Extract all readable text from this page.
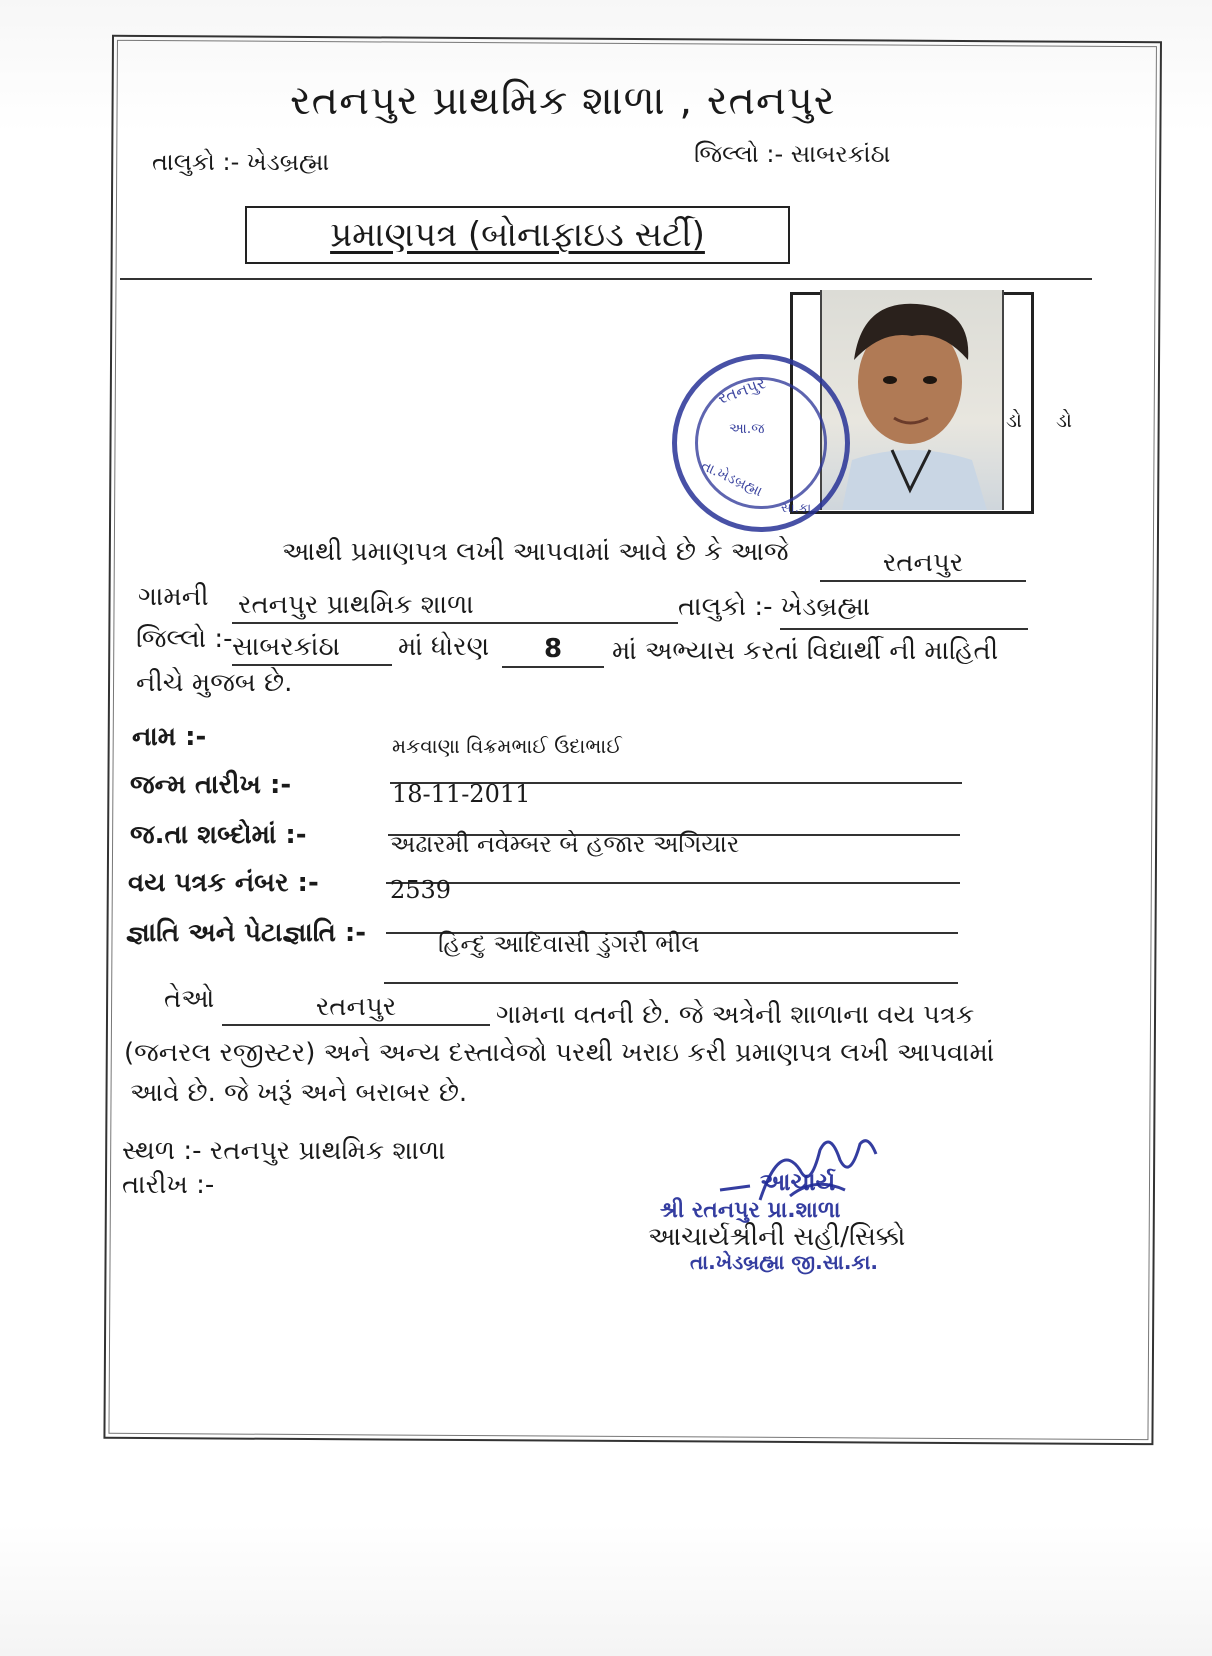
રતનપુર પ્રાથમિક શાળા , રતનપુર
તાલુકો :- ખેડબ્રહ્મા	જિલ્લો :- સાબરકાંઠા
પ્રમાણપત્ર (બોનાફાઇડ સર્ટી)
ડો
ડો
રતનપુર
આ.જ
તા.ખેડબ્રહ્મા
સા.કા
આથી પ્રમાણપત્ર લખી આપવામાં આવે છે કે આજે	રતનપુર
ગામની રતનપુર પ્રાથમિક શાળા	તાલુકો :- ખેડબ્રહ્મા
જિલ્લો :- સાબરકાંઠા	માં ધોરણ	8	માં અભ્યાસ કરતાં વિદ્યાર્થી ની માહિતી
નીચે મુજબ છે.
નામ :-	મકવાણા વિક્રમભાઈ ઉદાભાઈ
જન્મ તારીખ :-	18-11-2011
જ.તા શબ્દોમાં :-	અઢારમી નવેમ્બર બે હજાર અગિયાર
વય પત્રક નંબર :-	2539
જ્ઞાતિ અને પેટાજ્ઞાતિ :-	હિન્દુ આદિવાસી ડુંગરી ભીલ
તેઓ	રતનપુર	ગામના વતની છે. જે અત્રેની શાળાના વય પત્રક
(જનરલ રજીસ્ટર) અને અન્ય દસ્તાવેજો પરથી ખરાઇ કરી પ્રમાણપત્ર લખી આપવામાં
આવે છે. જે ખરૂં અને બરાબર છે.
સ્થળ :- રતનપુર પ્રાથમિક શાળા
તારીખ :-	આચાર્ય
શ્રી રતનપુર પ્રા.શાળા
આચાર્યશ્રીની સહી/સિક્કો
તા.ખેડબ્રહ્મા જી.સા.કા.
